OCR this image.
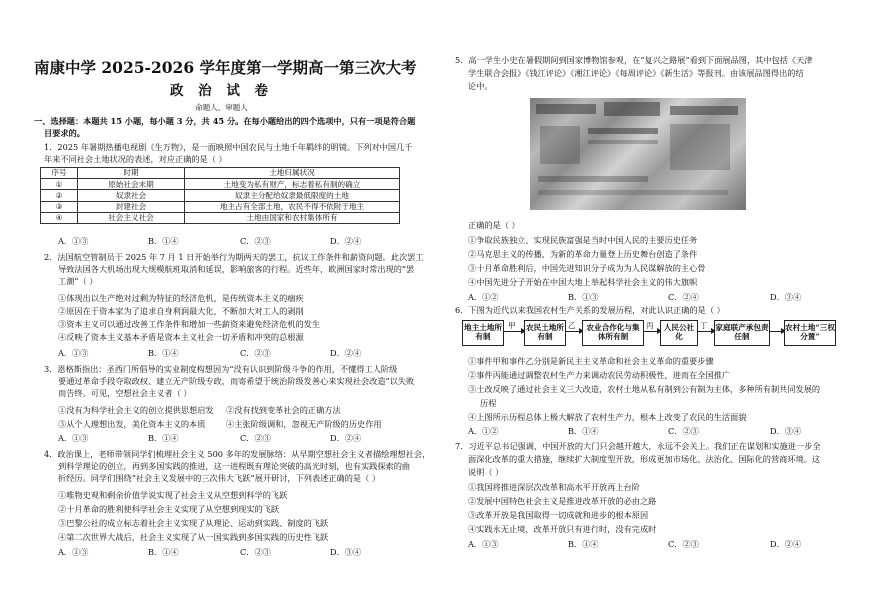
南康中学 2025-2026 学年度第一学期高一第三次大考
政 治 试 卷
命题人、审题人
一、选择题：本题共 15 小题，每小题 3 分，共 45 分。在每小题给出的四个选项中，只有一项是符合题
目要求的。
1．2025 年暑期热播电视剧《生万物》，是一面映照中国农民与土地千年羁绊的明镜。下列对中国几千
年来不同社会土地状况的表述，对应正确的是（ ）
序号	时期	土地归属状况
①	原始社会末期	土地变为私有财产，标志着私有制的确立
②	奴隶社会	奴隶主分配给奴隶最低限度的土地
③	封建社会	地主占有全部土地，农民不得不依附于地主
④	社会主义社会	土地由国家和农村集体所有
A．①③	B．①④	C．②③	D．②④
2．法国航空管制员于 2025 年 7 月 1 日开始举行为期两天的罢工，抗议工作条件和薪资问题。此次罢工
导致法国各大机场出现大规模航班取消和延误，影响旅客的行程。近些年，欧洲国家时常出现的“罢
工潮”（ ）
①体现出以生产绝对过剩为特征的经济危机，是传统资本主义的痼疾
②原因在于资本家为了追求自身利润最大化，不断加大对工人的剥削
③资本主义可以通过改善工作条件和增加一些薪资来避免经济危机的发生
④反映了资本主义基本矛盾是资本主义社会一切矛盾和冲突的总根源
A．①③	B．①④	C．②③	D．②④
3．恩格斯指出：圣西门所倡导的实业制度构想因为“没有认识到阶级斗争的作用，不懂得工人阶级
要通过革命手段夺取政权、建立无产阶级专政，而寄希望于统治阶级发善心来实现社会改造”以失败
而告终。可见，空想社会主义者（ ）
①没有为科学社会主义的创立提供思想启发 ②没有找到变革社会的正确方法
③从个人理想出发，美化资本主义的本质	④主张阶级调和，忽视无产阶级的历史作用
A．①③	B．①④	C．②③	D．②④
4．政治课上，老师带领同学们梳理社会主义 500 多年的发展脉络：从早期空想社会主义者描绘理想社会，
到科学理论的创立，再到多国实践的推进，这一进程既有理论突破的高光时刻，也有实践探索的曲
折经历。同学们围绕“社会主义发展中的三次伟大飞跃”展开研讨，下列表述正确的是（ ）
①唯物史观和剩余价值学说实现了社会主义从空想到科学的飞跃
②十月革命的胜利使科学社会主义实现了从空想到现实的飞跃
③巴黎公社的成立标志着社会主义实现了从理论、运动到实践、制度的飞跃
④第二次世界大战后，社会主义实现了从一国实践到多国实践的历史性飞跃
A．①③	B．①④	C．②③	D．③④
5．高一学生小史在暑假期间到国家博物馆参观，在“复兴之路展”看到下面展品图，其中包括《天津
学生联合会报》《钱江评论》《湘江评论》《每周评论》《新生活》等报刊。由该展品图得出的结
论中。
正确的是（ ）
①争取民族独立、实现民族富强是当时中国人民的主要历史任务
②马克思主义的传播，为新的革命力量登上历史舞台创造了条件
③十月革命胜利后，中国先进知识分子成为为人民谋解放的主心骨
④中国先进分子开始在中国大地上举起科学社会主义的伟大旗帜
A．①②	B．①③	C．②④	D．③④
6．下图为近代以来我国农村生产关系的发展历程，对此认识正确的是（ ）
地主土地所有制
甲 农民土地所有制
乙	农业合作化与集体所有制
丙	人民公社化
丁 家庭联产承包责任制
农村土地“三权分置”
①事件甲和事件乙分别是新民主主义革命和社会主义革命的重要步骤
②事件丙能通过调整农村生产力来调动农民劳动积极性，进而在全国推广
③土改反映了通过社会主义三大改造，农村土地从私有制到公有制为主体，多种所有制共同发展的
历程
④上图所示历程总体上极大解放了农村生产力，根本上改变了农民的生活面貌
A．①②	B．①④	C．②③	D．③④
7．习近平总书记强调，中国开放的大门只会越开越大，永远不会关上。我们正在谋划和实施进一步全
面深化改革的重大措施，继续扩大制度型开放，形成更加市场化、法治化、国际化的营商环境。这
说明（ ）
①我国将推进深层次改革和高水平开放再上台阶
②发展中国特色社会主义是推进改革开放的必由之路
③改革开放是我国取得一切成就和进步的根本原因
④实践永无止境，改革开放只有进行时，没有完成时
A．①③	B．①④	C．②③	D．②④
